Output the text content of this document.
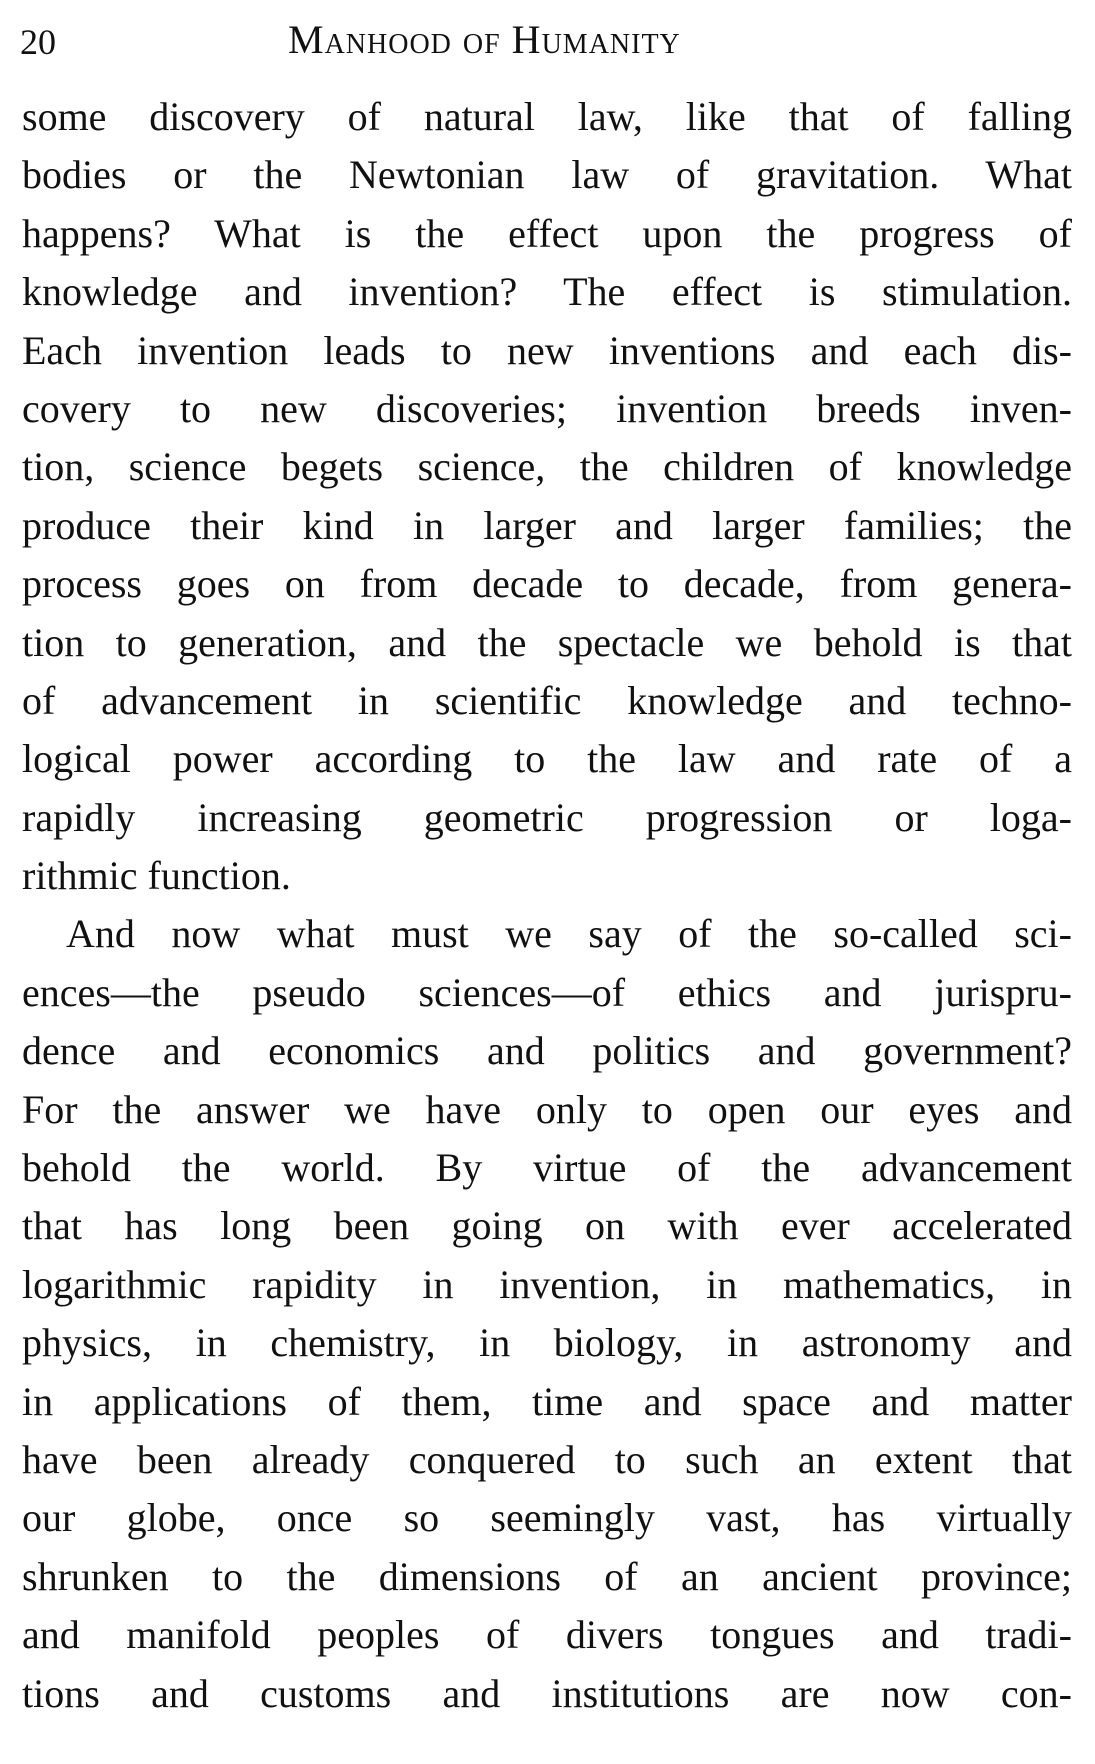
20	Manhood of Humanity
some discovery of natural law, like that of falling
bodies or the Newtonian law of gravitation. What
happens? What is the effect upon the progress of
knowledge and invention? The effect is stimulation.
Each invention leads to new inventions and each dis-
covery to new discoveries; invention breeds inven-
tion, science begets science, the children of knowledge
produce their kind in larger and larger families; the
process goes on from decade to decade, from genera-
tion to generation, and the spectacle we behold is that
of advancement in scientific knowledge and techno-
logical power according to the law and rate of a
rapidly increasing geometric progression or loga-
rithmic function.
And now what must we say of the so-called sci-
ences—the pseudo sciences—of ethics and jurispru-
dence and economics and politics and government?
For the answer we have only to open our eyes and
behold the world. By virtue of the advancement
that has long been going on with ever accelerated
logarithmic rapidity in invention, in mathematics, in
physics, in chemistry, in biology, in astronomy and
in applications of them, time and space and matter
have been already conquered to such an extent that
our globe, once so seemingly vast, has virtually
shrunken to the dimensions of an ancient province;
and manifold peoples of divers tongues and tradi-
tions and customs and institutions are now con-
